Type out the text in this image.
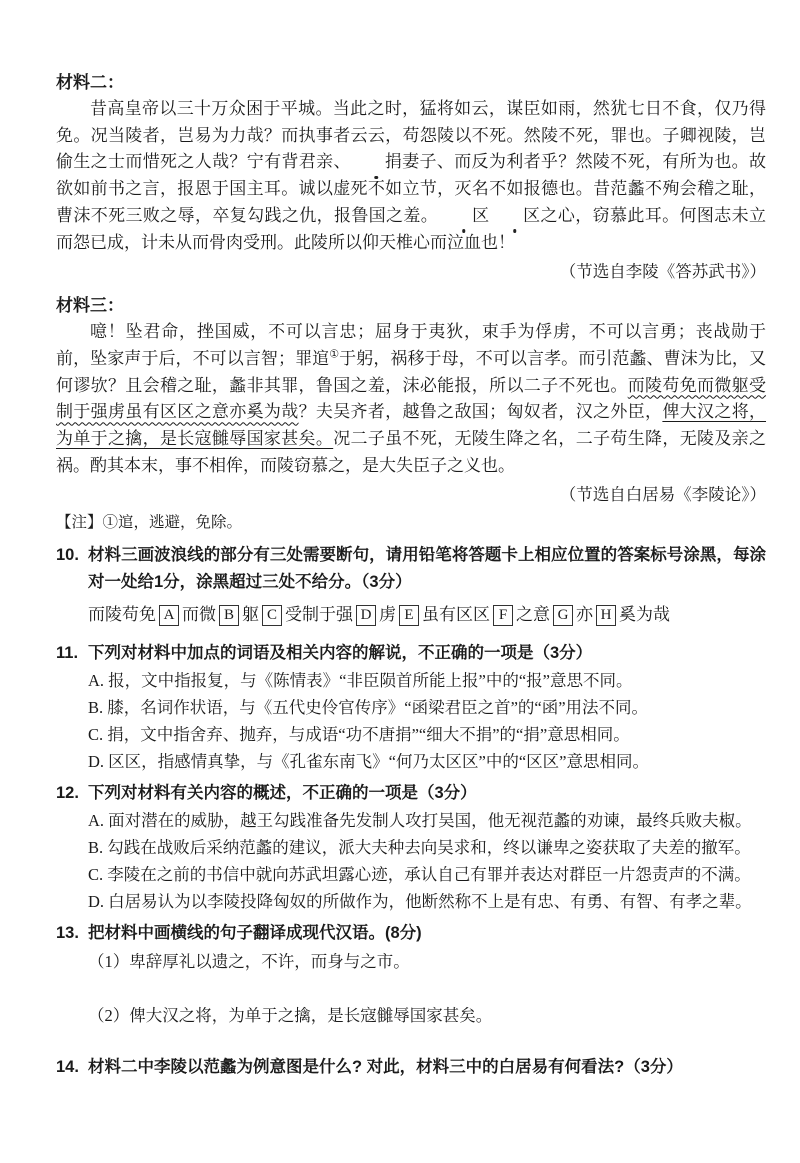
材料二：

昔高皇帝以三十万众困于平城。当此之时，猛将如云，谋臣如雨，然犹七日不食，仅乃得免。况当陵者，岂易为力哉？而执事者云云，苟怨陵以不死。然陵不死，罪也。子卿视陵，岂偷生之士而惜死之人哉？宁有背君亲、 捐妻子、而反为利者乎？然陵不死，有所为也。故欲如前书之言，报恩于国主耳。诚以虚死不如立节，灭名不如报德也。昔范蠡不殉会稽之耻，曹沫不死三败之辱，卒复勾践之仇，报鲁国之羞。 区 区之心，窃慕此耳。何图志未立而怨已成，计未从而骨肉受刑。此陵所以仰天椎心而泣血也！

（节选自李陵《答苏武书》）
材料三：

噫！坠君命，挫国威，不可以言忠；屈身于夷狄，束手为俘虏，不可以言勇；丧战勋于前，坠家声于后，不可以言智；罪逭①于躬，祸移于母，不可以言孝。而引范蠡、曹沫为比，又何谬欤？且会稽之耻，蠡非其罪，鲁国之羞，沫必能报，所以二子不死也。而陵苟免而微躯受制于强虏虽有区区之意亦奚为哉？夫吴齐者，越鲁之敌国；匈奴者，汉之外臣，俾大汉之将，为单于之擒，是长寇雠辱国家甚矣。况二子虽不死，无陵生降之名，二子苟生降，无陵及亲之祸。酌其本末，事不相侔，而陵窃慕之，是大失臣子之义也。

（节选自白居易《李陵论》）
【注】①逭，逃避，免除。
10. 材料三画波浪线的部分有三处需要断句，请用铅笔将答题卡上相应位置的答案标号涂黑，每涂对一处给1分，涂黑超过三处不给分。（3分）
而陵苟免 A 而微 B 躯 C 受制于强 D 虏 E 虽有区区 F 之意 G 亦 H 奚为哉
11. 下列对材料中加点的词语及相关内容的解说，不正确的一项是（3分）
A. 报，文中指报复，与《陈情表》“非臣陨首所能上报”中的“报”意思不同。
B. 膝，名词作状语，与《五代史伶官传序》“函梁君臣之首”的“函”用法不同。
C. 捐，文中指舍弃、抛弃，与成语“功不唐捐”“细大不捐”的“捐”意思相同。
D. 区区，指感情真挚，与《孔雀东南飞》“何乃太区区”中的“区区”意思相同。
12. 下列对材料有关内容的概述，不正确的一项是（3分）
A. 面对潜在的威胁，越王勾践准备先发制人攻打吴国，他无视范蠡的劝谏，最终兵败夫椒。
B. 勾践在战败后采纳范蠡的建议，派大夫种去向吴求和，终以谦卑之姿获取了夫差的撤军。
C. 李陵在之前的书信中就向苏武坦露心迹，承认自己有罪并表达对群臣一片怨责声的不满。
D. 白居易认为以李陵投降匈奴的所做作为，他断然称不上是有忠、有勇、有智、有孝之辈。
13. 把材料中画横线的句子翻译成现代汉语。(8分)
（1）卑辞厚礼以遗之，不许，而身与之市。
（2）俾大汉之将，为单于之擒，是长寇雠辱国家甚矣。
14. 材料二中李陵以范蠡为例意图是什么? 对此，材料三中的白居易有何看法?（3分）
